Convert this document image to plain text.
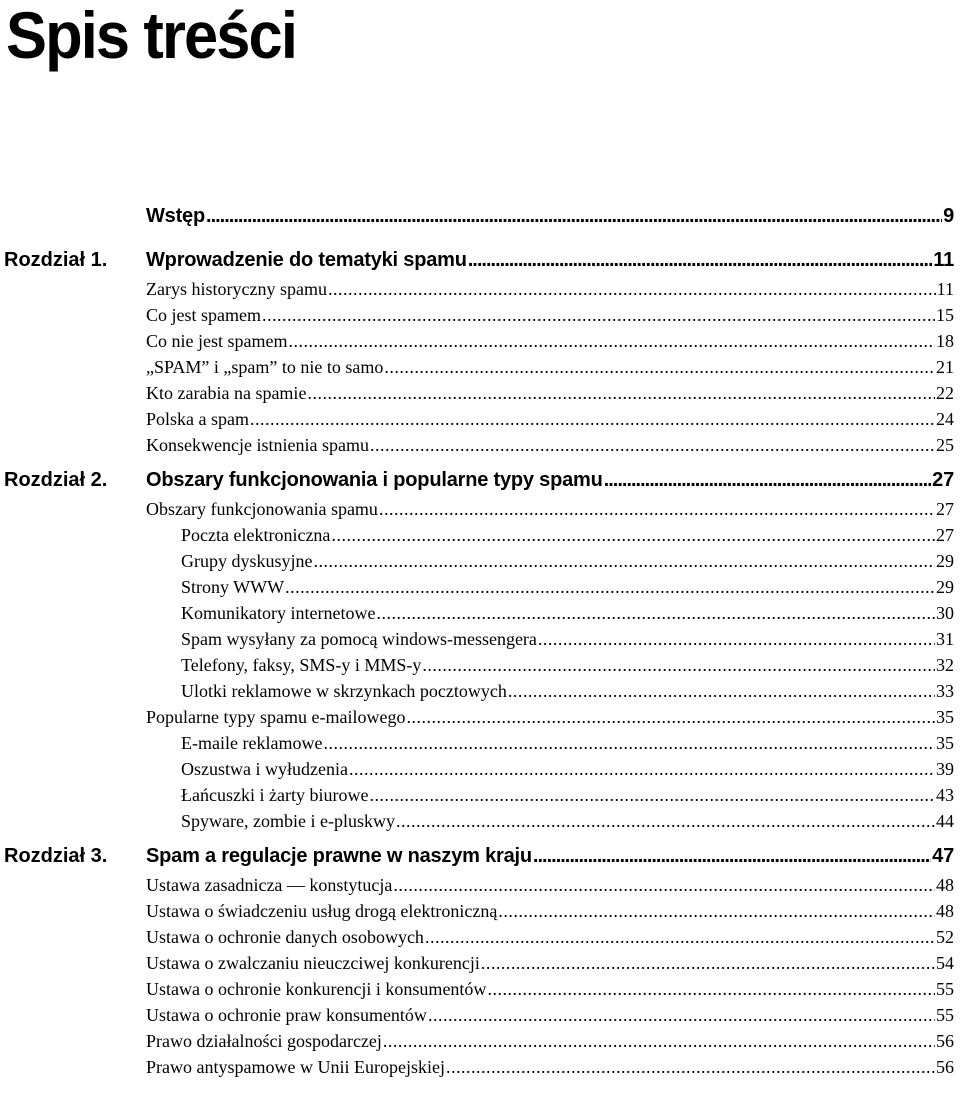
Spis treści
Wstęp .....	9
Rozdział 1. Wprowadzenie do tematyki spamu .....	11
Zarys historyczny spamu .....	11
Co jest spamem .....	15
Co nie jest spamem .....	18
„SPAM” i „spam” to nie to samo .....	21
Kto zarabia na spamie .....	22
Polska a spam .....	24
Konsekwencje istnienia spamu .....	25
Rozdział 2. Obszary funkcjonowania i popularne typy spamu .....	27
Obszary funkcjonowania spamu .....	27
Poczta elektroniczna .....	27
Grupy dyskusyjne .....	29
Strony WWW .....	29
Komunikatory internetowe .....	30
Spam wysyłany za pomocą windows-messengera .....	31
Telefony, faksy, SMS-y i MMS-y .....	32
Ulotki reklamowe w skrzynkach pocztowych .....	33
Popularne typy spamu e-mailowego .....	35
E-maile reklamowe .....	35
Oszustwa i wyłudzenia .....	39
Łańcuszki i żarty biurowe .....	43
Spyware, zombie i e-pluskwy .....	44
Rozdział 3. Spam a regulacje prawne w naszym kraju .....	47
Ustawa zasadnicza — konstytucja .....	48
Ustawa o świadczeniu usług drogą elektroniczną .....	48
Ustawa o ochronie danych osobowych .....	52
Ustawa o zwalczaniu nieuczciwej konkurencji .....	54
Ustawa o ochronie konkurencji i konsumentów .....	55
Ustawa o ochronie praw konsumentów .....	55
Prawo działalności gospodarczej .....	56
Prawo antyspamowe w Unii Europejskiej .....	56
